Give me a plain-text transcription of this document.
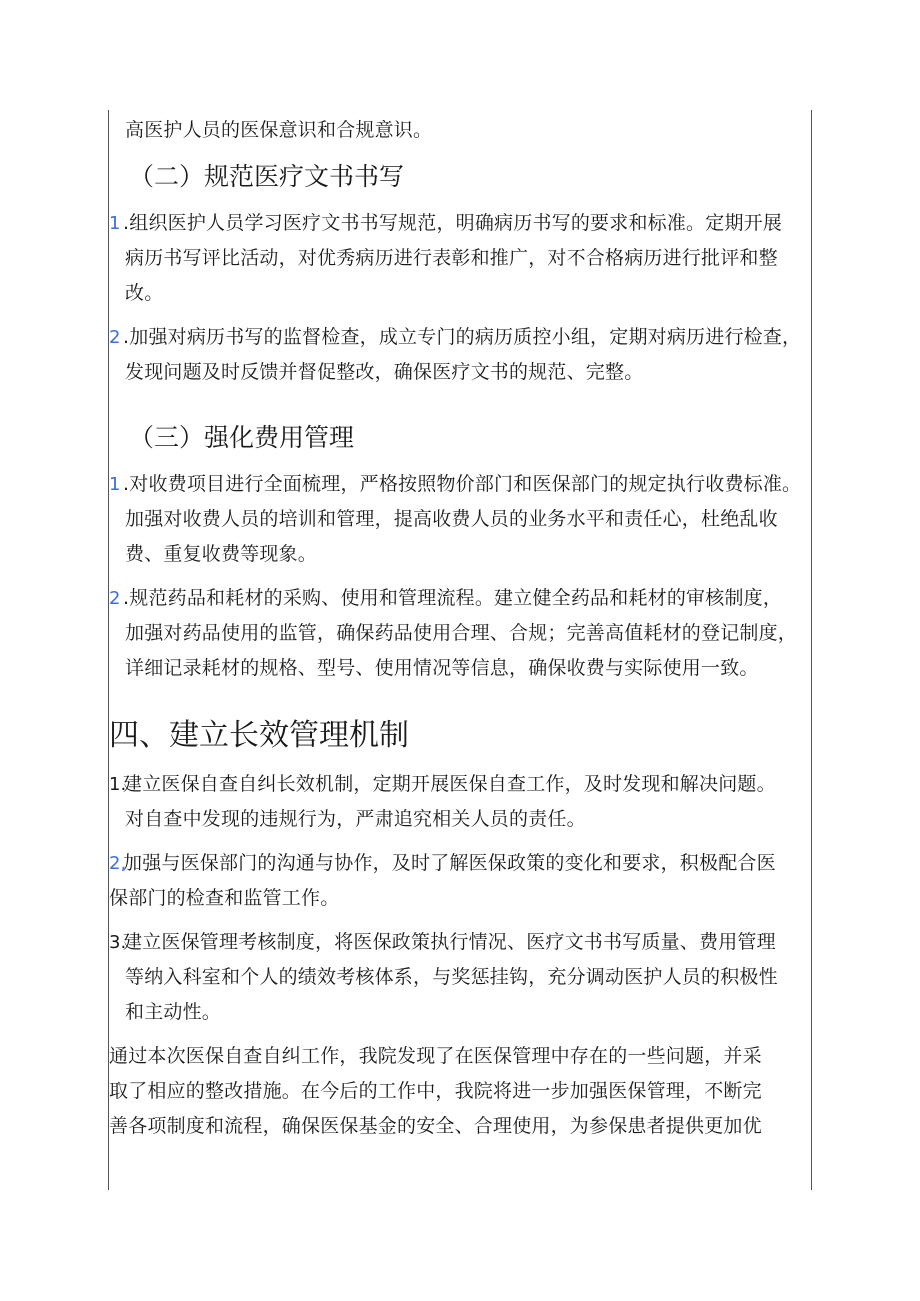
高医护人员的医保意识和合规意识。

（二）规范医疗文书书写

1 .组织医护人员学习医疗文书书写规范，明确病历书写的要求和标准。定期开展

病历书写评比活动，对优秀病历进行表彰和推广，对不合格病历进行批评和整

改。

2 .加强对病历书写的监督检查，成立专门的病历质控小组，定期对病历进行检查，

发现问题及时反馈并督促整改，确保医疗文书的规范、完整。

（三）强化费用管理

1 .对收费项目进行全面梳理，严格按照物价部门和医保部门的规定执行收费标准。

加强对收费人员的培训和管理，提高收费人员的业务水平和责任心，杜绝乱收

费、重复收费等现象。

2 .规范药品和耗材的采购、使用和管理流程。建立健全药品和耗材的审核制度，

加强对药品使用的监管，确保药品使用合理、合规；完善高值耗材的登记制度，

详细记录耗材的规格、型号、使用情况等信息，确保收费与实际使用一致。

四、建立长效管理机制

1.

建立医保自查自纠长效机制，定期开展医保自查工作，及时发现和解决问题。

对自查中发现的违规行为，严肃追究相关人员的责任。

2,

加强与医保部门的沟通与协作，及时了解医保政策的变化和要求，积极配合医

保部门的检查和监管工作。

3.

建立医保管理考核制度，将医保政策执行情况、医疗文书书写质量、费用管理

等纳入科室和个人的绩效考核体系，与奖惩挂钩，充分调动医护人员的积极性

和主动性。

通过本次医保自查自纠工作，我院发现了在医保管理中存在的一些问题，并采

取了相应的整改措施。在今后的工作中，我院将进一步加强医保管理，不断完

善各项制度和流程，确保医保基金的安全、合理使用，为参保患者提供更加优
